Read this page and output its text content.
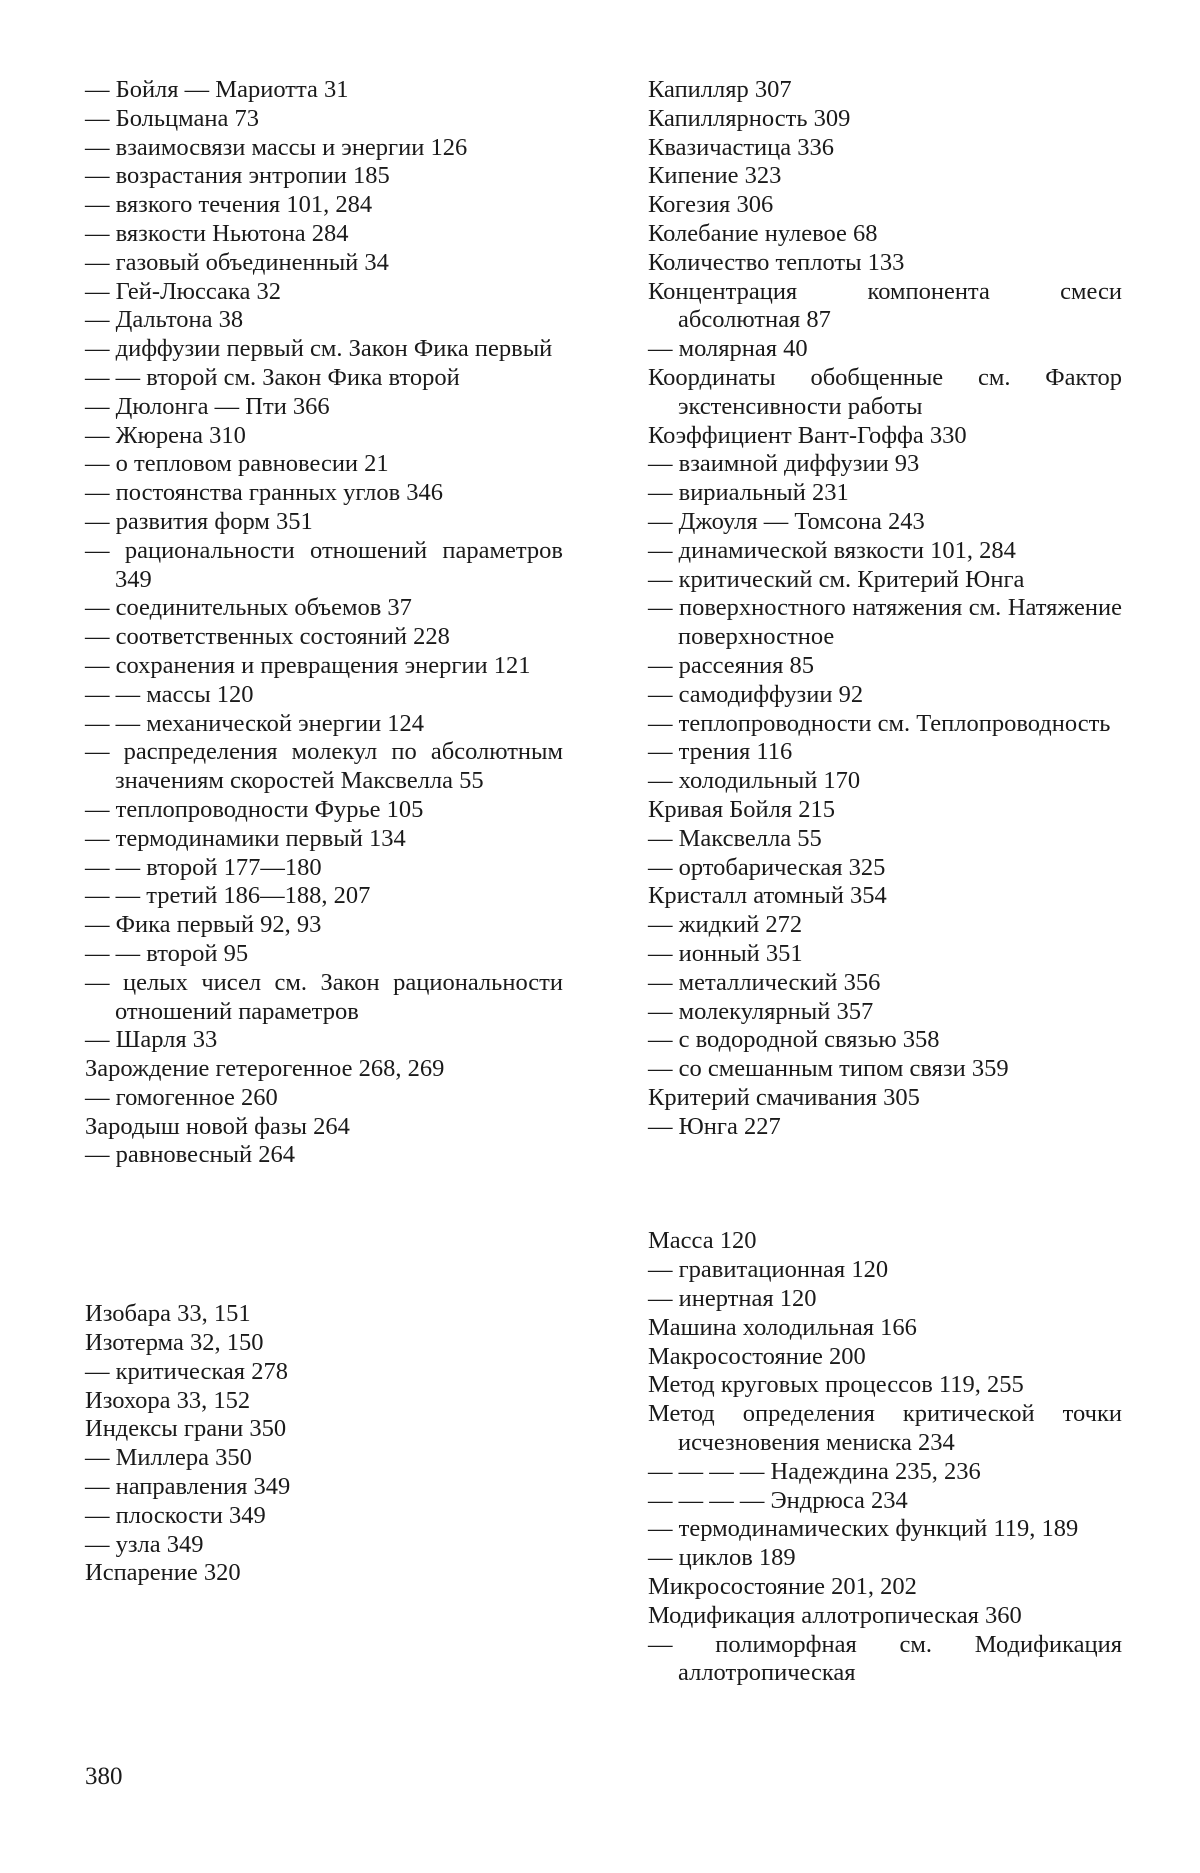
— Бойля — Мариотта 31

— Больцмана 73

— взаимосвязи массы и энергии 126

— возрастания энтропии 185

— вязкого течения 101, 284

— вязкости Ньютона 284

— газовый объединенный 34

— Гей-Люссака 32

— Дальтона 38

— диффузии первый см. Закон Фика первый

— — второй см. Закон Фика второй

— Дюлонга — Пти 366

— Жюрена 310

— о тепловом равновесии 21

— постоянства гранных углов 346

— развития форм 351

— рациональности отношений параметров 349

— соединительных объемов 37

— соответственных состояний 228

— сохранения и превращения энергии 121

— — массы 120

— — механической энергии 124

— распределения молекул по абсолютным значениям скоростей Максвелла 55

— теплопроводности Фурье 105

— термодинамики первый 134

— — второй 177—180

— — третий 186—188, 207

— Фика первый 92, 93

— — второй 95

— целых чисел см. Закон рациональности отношений параметров

— Шарля 33

Зарождение гетерогенное 268, 269

— гомогенное 260

Зародыш новой фазы 264

— равновесный 264

Изобара 33, 151

Изотерма 32, 150

— критическая 278

Изохора 33, 152

Индексы грани 350

— Миллера 350

— направления 349

— плоскости 349

— узла 349

Испарение 320

Капилляр 307

Капиллярность 309

Квазичастица 336

Кипение 323

Когезия 306

Колебание нулевое 68

Количество теплоты 133

Концентрация компонента смеси абсолютная 87

— молярная 40

Координаты обобщенные см. Фактор экстенсивности работы

Коэффициент Вант-Гоффа 330

— взаимной диффузии 93

— вириальный 231

— Джоуля — Томсона 243

— динамической вязкости 101, 284

— критический см. Критерий Юнга

— поверхностного натяжения см. Натяжение поверхностное

— рассеяния 85

— самодиффузии 92

— теплопроводности см. Теплопроводность

— трения 116

— холодильный 170

Кривая Бойля 215

— Максвелла 55

— ортобарическая 325

Кристалл атомный 354

— жидкий 272

— ионный 351

— металлический 356

— молекулярный 357

— с водородной связью 358

— со смешанным типом связи 359

Критерий смачивания 305

— Юнга 227

Масса 120

— гравитационная 120

— инертная 120

Машина холодильная 166

Макросостояние 200

Метод круговых процессов 119, 255

Метод определения критической точки исчезновения мениска 234

— — — — Надеждина 235, 236

— — — — Эндрюса 234

— термодинамических функций 119, 189

— циклов 189

Микросостояние 201, 202

Модификация аллотропическая 360

— полиморфная см. Модификация аллотропическая

380
